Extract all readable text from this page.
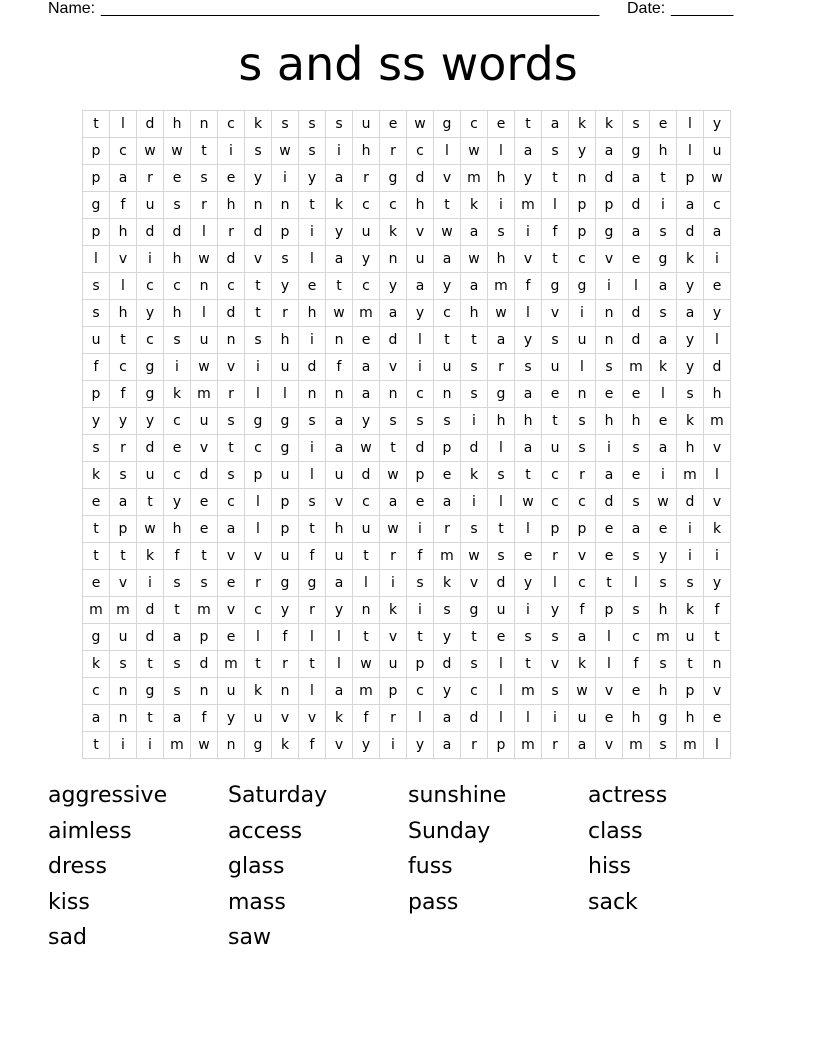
Name: ________________________________________________________ Date: _______
s and ss words
t	l	d	h	n	c	k	s	s	s	u	e	w	g	c	e	t	a	k	k	s	e	l	y
p	c	w	w	t	i	s	w	s	i	h	r	c	l	w	l	a	s	y	a	g	h	l	u
p	a	r	e	s	e	y	i	y	a	r	g	d	v	m	h	y	t	n	d	a	t	p	w
g	f	u	s	r	h	n	n	t	k	c	c	h	t	k	i	m	l	p	p	d	i	a	c
p	h	d	d	l	r	d	p	i	y	u	k	v	w	a	s	i	f	p	g	a	s	d	a
l	v	i	h	w	d	v	s	l	a	y	n	u	a	w	h	v	t	c	v	e	g	k	i
s	l	c	c	n	c	t	y	e	t	c	y	a	y	a	m	f	g	g	i	l	a	y	e
s	h	y	h	l	d	t	r	h	w	m	a	y	c	h	w	l	v	i	n	d	s	a	y
u	t	c	s	u	n	s	h	i	n	e	d	l	t	t	a	y	s	u	n	d	a	y	l
f	c	g	i	w	v	i	u	d	f	a	v	i	u	s	r	s	u	l	s	m	k	y	d
p	f	g	k	m	r	l	l	n	n	a	n	c	n	s	g	a	e	n	e	e	l	s	h
y	y	y	c	u	s	g	g	s	a	y	s	s	s	i	h	h	t	s	h	h	e	k	m
s	r	d	e	v	t	c	g	i	a	w	t	d	p	d	l	a	u	s	i	s	a	h	v
k	s	u	c	d	s	p	u	l	u	d	w	p	e	k	s	t	c	r	a	e	i	m	l
e	a	t	y	e	c	l	p	s	v	c	a	e	a	i	l	w	c	c	d	s	w	d	v
t	p	w	h	e	a	l	p	t	h	u	w	i	r	s	t	l	p	p	e	a	e	i	k
t	t	k	f	t	v	v	u	f	u	t	r	f	m	w	s	e	r	v	e	s	y	i	i
e	v	i	s	s	e	r	g	g	a	l	i	s	k	v	d	y	l	c	t	l	s	s	y
m	m	d	t	m	v	c	y	r	y	n	k	i	s	g	u	i	y	f	p	s	h	k	f
g	u	d	a	p	e	l	f	l	l	t	v	t	y	t	e	s	s	a	l	c	m	u	t
k	s	t	s	d	m	t	r	t	l	w	u	p	d	s	l	t	v	k	l	f	s	t	n
c	n	g	s	n	u	k	n	l	a	m	p	c	y	c	l	m	s	w	v	e	h	p	v
a	n	t	a	f	y	u	v	v	k	f	r	l	a	d	l	l	i	u	e	h	g	h	e
t	i	i	m	w	n	g	k	f	v	y	i	y	a	r	p	m	r	a	v	m	s	m	l
aggressive	Saturday	sunshine	actress
aimless	access	Sunday	class
dress	glass	fuss	hiss
kiss	mass	pass	sack
sad	saw
